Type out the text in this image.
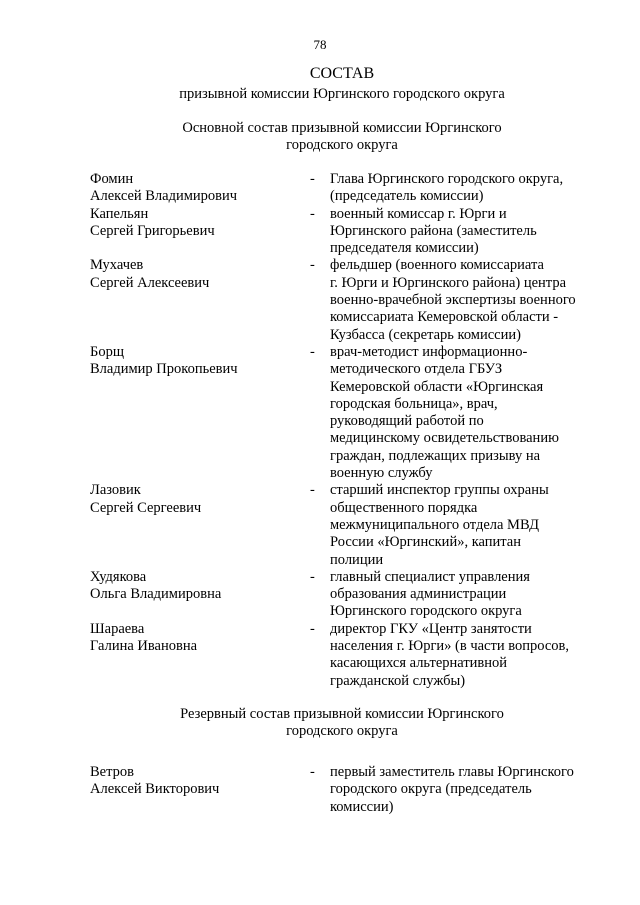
78
СОСТАВ
призывной комиссии Юргинского городского округа
Основной состав призывной комиссии Юргинского
городского округа
Фомин
Алексей Владимирович
-	Глава Юргинского городского округа,
(председатель комиссии)
Капельян
Сергей Григорьевич
-	военный комиссар г. Юрги и
Юргинского района (заместитель
председателя комиссии)
Мухачев
Сергей Алексеевич
-	фельдшер (военного комиссариата
г. Юрги и Юргинского района) центра
военно-врачебной экспертизы военного
комиссариата Кемеровской области -
Кузбасса (секретарь комиссии)
Борщ
Владимир Прокопьевич
-	врач-методист информационно-
методического отдела ГБУЗ
Кемеровской области «Юргинская
городская больница», врач,
руководящий работой по
медицинскому освидетельствованию
граждан, подлежащих призыву на
военную службу
Лазовик
Сергей Сергеевич
-	старший инспектор группы охраны
общественного порядка
межмуниципального отдела МВД
России «Юргинский», капитан
полиции
Худякова
Ольга Владимировна
-	главный специалист управления
образования администрации
Юргинского городского округа
Шараева
Галина Ивановна
-	директор ГКУ «Центр занятости
населения г. Юрги» (в части вопросов,
касающихся альтернативной
гражданской службы)
Резервный состав призывной комиссии Юргинского
городского округа
Ветров
Алексей Викторович
-	первый заместитель главы Юргинского
городского округа (председатель
комиссии)
